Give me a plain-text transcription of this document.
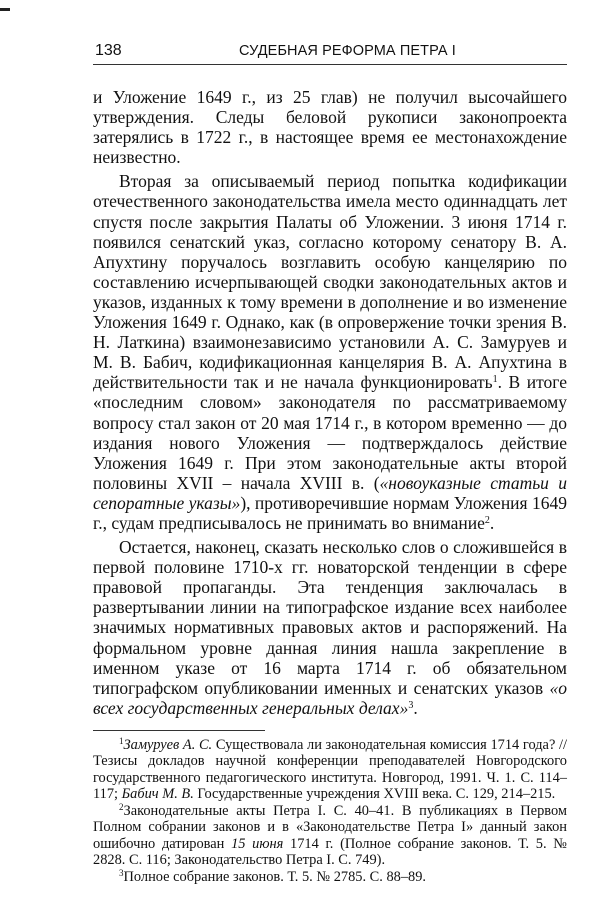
138	СУДЕБНАЯ РЕФОРМА ПЕТРА I

и Уложение 1649 г., из 25 глав) не получил высочайшего утверждения. Следы беловой рукописи законопроекта затерялись в 1722 г., в настоящее время ее местонахождение неизвестно.

Вторая за описываемый период попытка кодификации отечественного законодательства имела место одиннадцать лет спустя после закрытия Палаты об Уложении. 3 июня 1714 г. появился сенатский указ, согласно которому сенатору В. А. Апухтину поручалось возглавить особую канцелярию по составлению исчерпывающей сводки законодательных актов и указов, изданных к тому времени в дополнение и во изменение Уложения 1649 г. Однако, как (в опровержение точки зрения В. Н. Латкина) взаимонезависимо установили А. С. Замуруев и М. В. Бабич, кодификационная канцелярия В. А. Апухтина в действительности так и не начала функционировать$^1$. В итоге «последним словом» законодателя по рассматриваемому вопросу стал закон от 20 мая 1714 г., в котором временно — до издания нового Уложения — подтверждалось действие Уложения 1649 г. При этом законодательные акты второй половины XVII – начала XVIII в. («новоуказные статьи и сепоратные указы»), противоречившие нормам Уложения 1649 г., судам предписывалось не принимать во внимание$^2$.

Остается, наконец, сказать несколько слов о сложившейся в первой половине 1710-х гг. новаторской тенденции в сфере правовой пропаганды. Эта тенденция заключалась в развертывании линии на типографское издание всех наиболее значимых нормативных правовых актов и распоряжений. На формальном уровне данная линия нашла закрепление в именном указе от 16 марта 1714 г. об обязательном типографском опубликовании именных и сенатских указов «о всех государственных генеральных делах»$^3$.

$^1$Замуруев А. С. Существовала ли законодательная комиссия 1714 года? // Тезисы докладов научной конференции преподавателей Новгородского государственного педагогического института. Новгород, 1991. Ч. 1. С. 114–117; Бабич М. В. Государственные учреждения XVIII века. С. 129, 214–215.

$^2$Законодательные акты Петра I. С. 40–41. В публикациях в Первом Полном собрании законов и в «Законодательстве Петра I» данный закон ошибочно датирован 15 июня 1714 г. (Полное собрание законов. Т. 5. № 2828. С. 116; Законодательство Петра I. С. 749).

$^3$Полное собрание законов. Т. 5. № 2785. С. 88–89.
